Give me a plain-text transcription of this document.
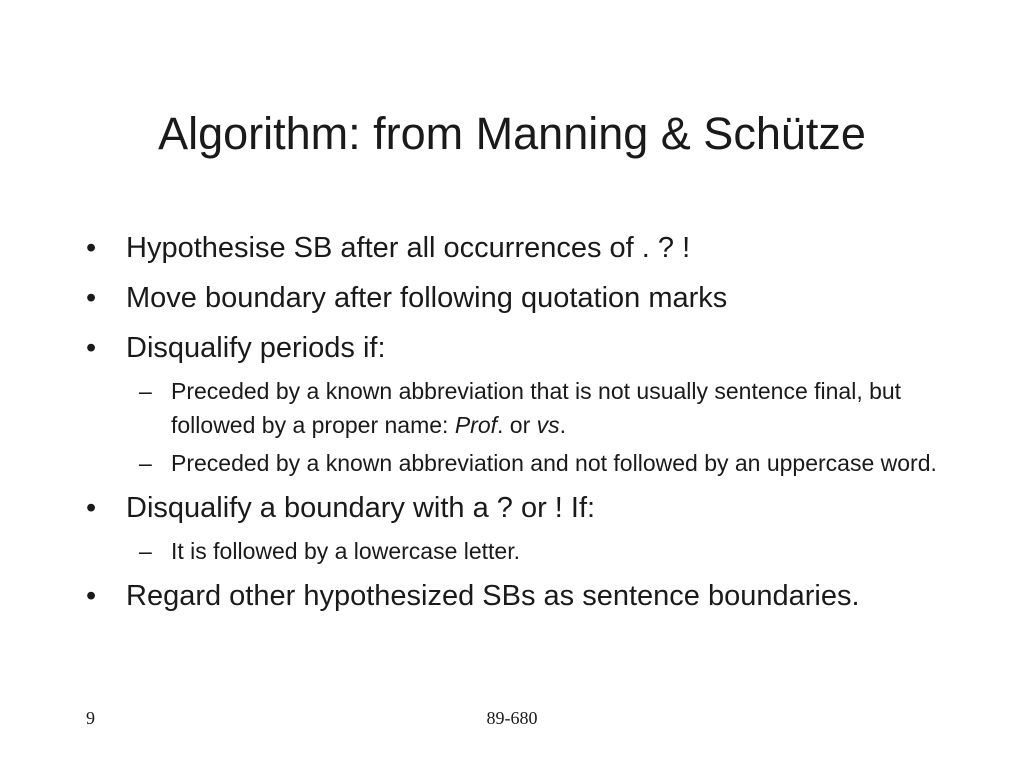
Algorithm: from Manning & Schütze
•	Hypothesise SB after all occurrences of . ? !
•	Move boundary after following quotation marks
•	Disqualify periods if:
– Preceded by a known abbreviation that is not usually sentence final, but followed by a proper name: Prof. or vs.
– Preceded by a known abbreviation and not followed by an uppercase word.
•	Disqualify a boundary with a ? or ! If:
– It is followed by a lowercase letter.
•	Regard other hypothesized SBs as sentence boundaries.
9	89-680
